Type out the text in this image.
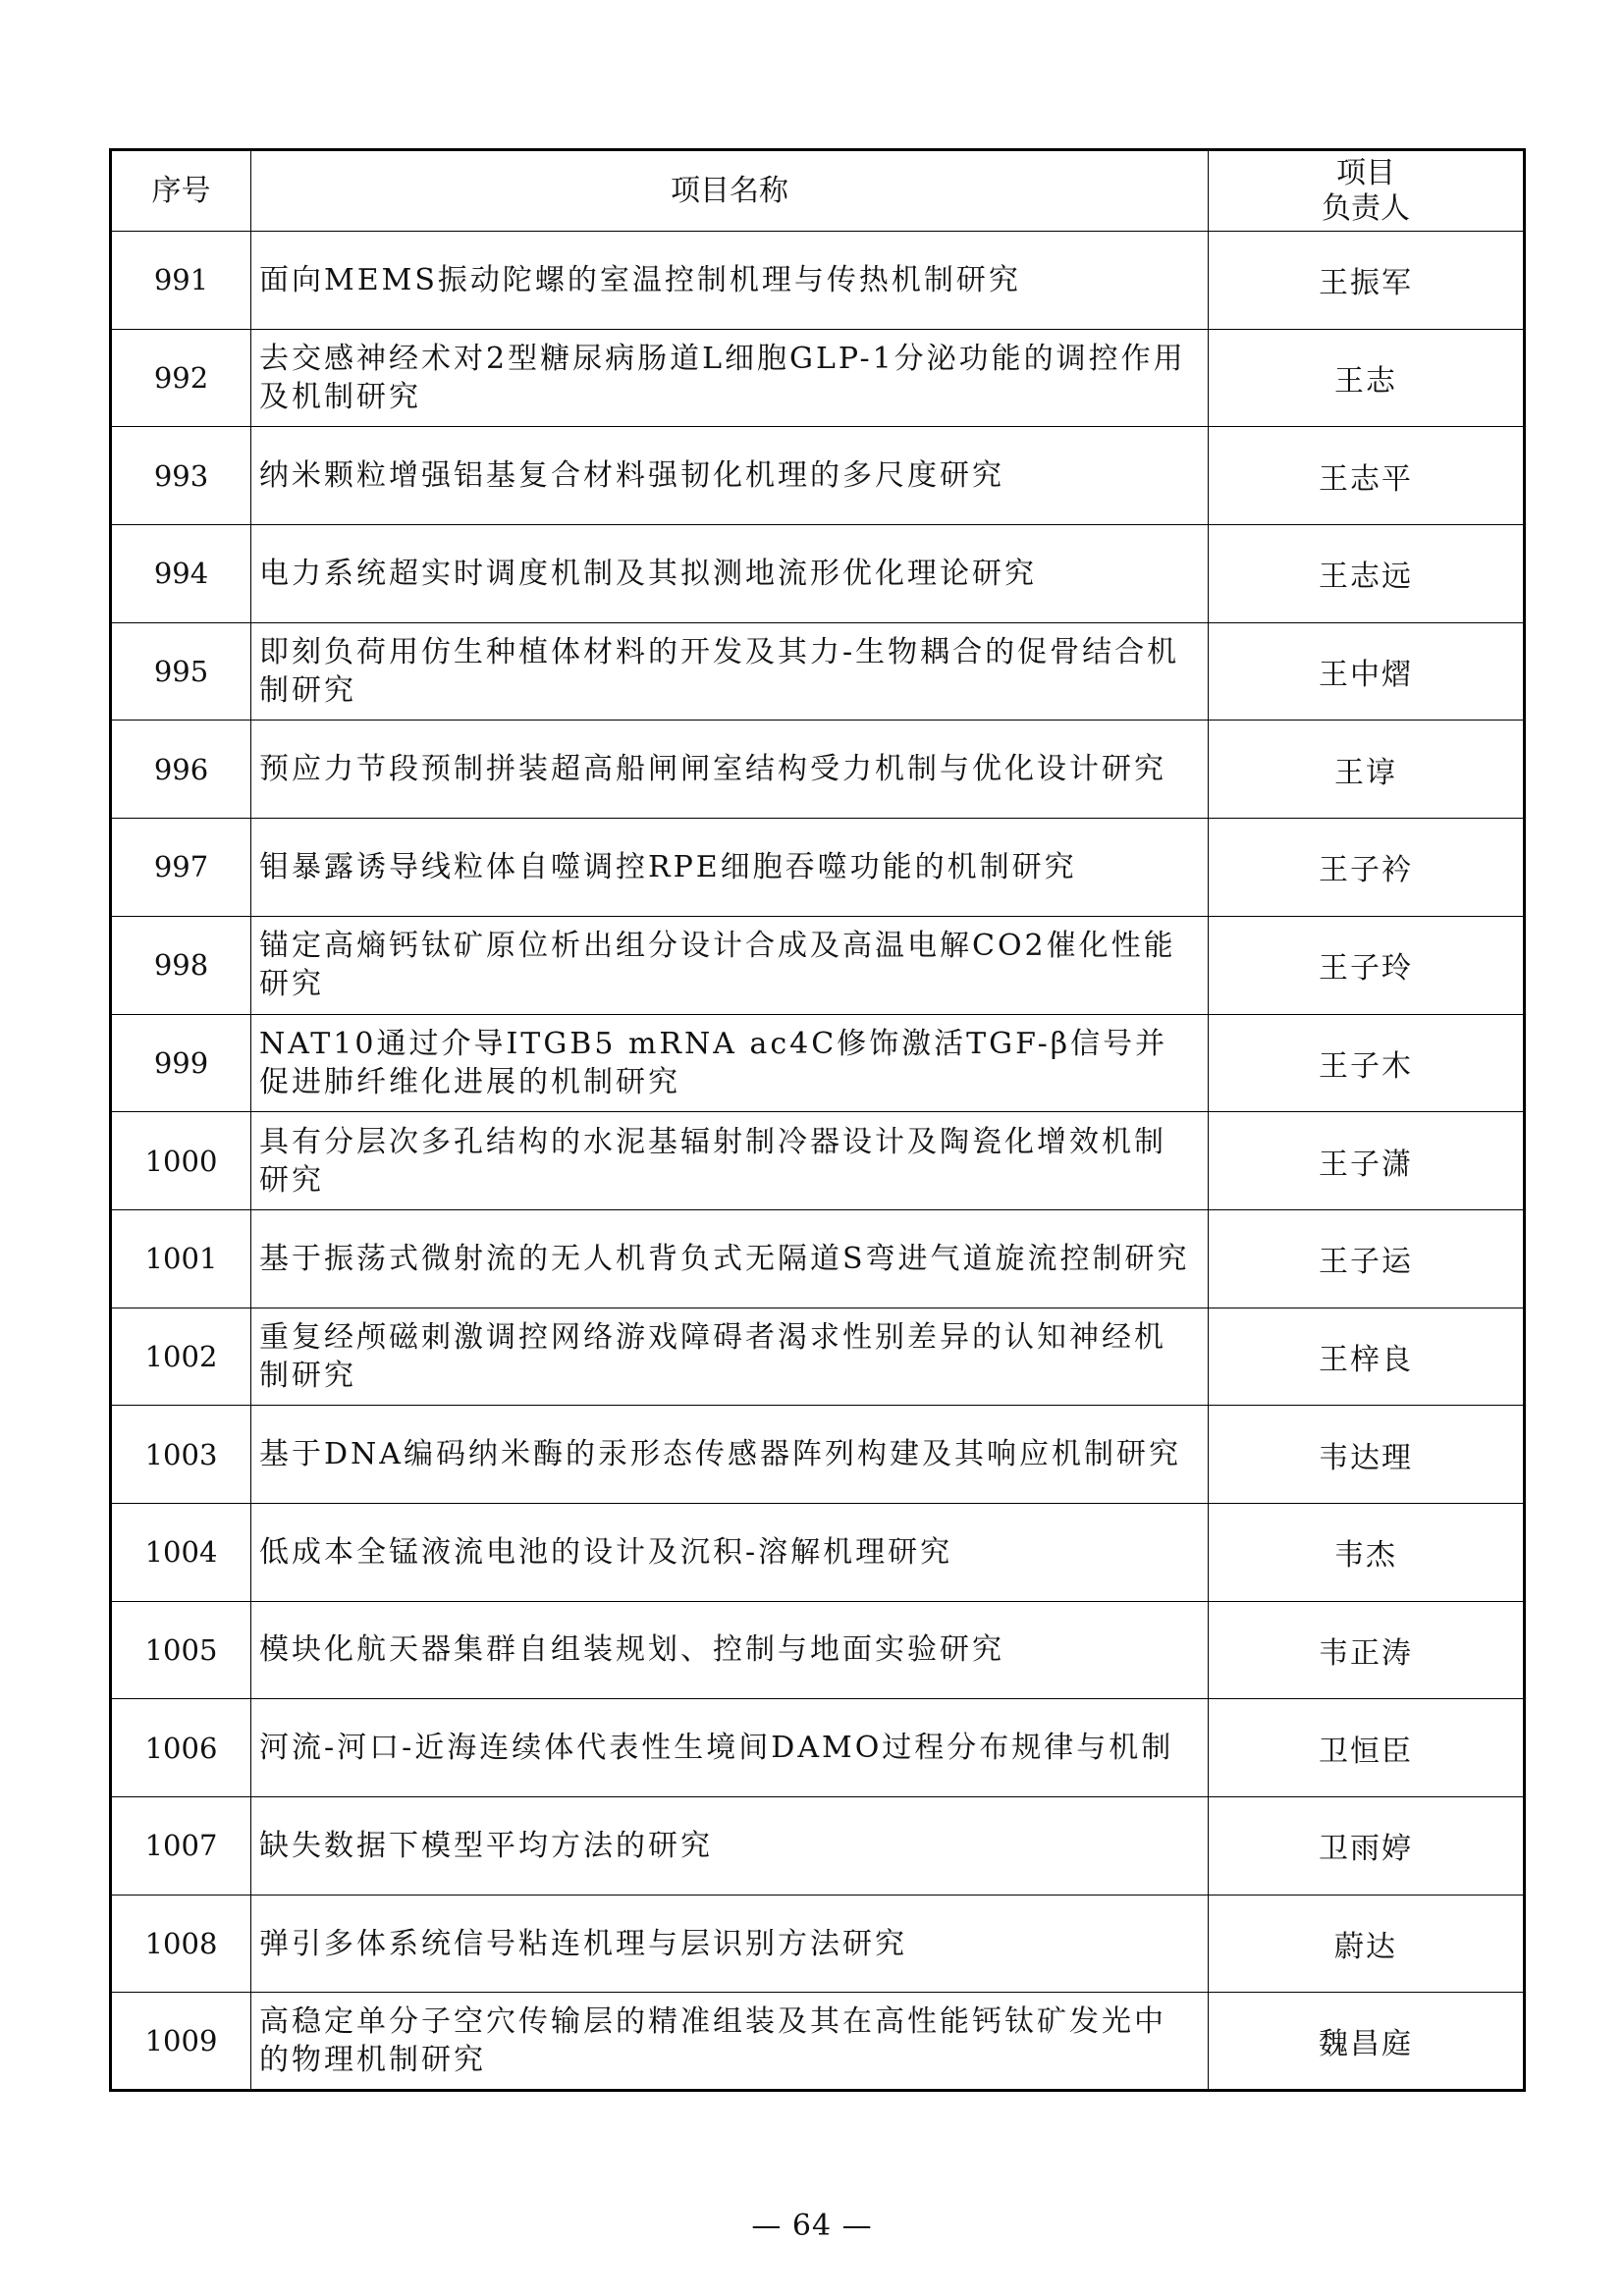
序号	项目名称	项目
负责人

991	面向MEMS振动陀螺的室温控制机理与传热机制研究	王振军
992	去交感神经术对2型糖尿病肠道L细胞GLP-1分泌功能的调控作用及机制研究	王志
993	纳米颗粒增强铝基复合材料强韧化机理的多尺度研究	王志平
994	电力系统超实时调度机制及其拟测地流形优化理论研究	王志远
995	即刻负荷用仿生种植体材料的开发及其力-生物耦合的促骨结合机制研究	王中熠
996	预应力节段预制拼装超高船闸闸室结构受力机制与优化设计研究	王谆
997	钼暴露诱导线粒体自噬调控RPE细胞吞噬功能的机制研究	王子衿
998	锚定高熵钙钛矿原位析出组分设计合成及高温电解CO2催化性能研究	王子玲
999	NAT10通过介导ITGB5 mRNA ac4C修饰激活TGF-β信号并促进肺纤维化进展的机制研究	王子木
1000	具有分层次多孔结构的水泥基辐射制冷器设计及陶瓷化增效机制研究	王子潇
1001	基于振荡式微射流的无人机背负式无隔道S弯进气道旋流控制研究	王子运
1002	重复经颅磁刺激调控网络游戏障碍者渴求性别差异的认知神经机制研究	王梓良
1003	基于DNA编码纳米酶的汞形态传感器阵列构建及其响应机制研究	韦达理
1004	低成本全锰液流电池的设计及沉积-溶解机理研究	韦杰
1005	模块化航天器集群自组装规划、控制与地面实验研究	韦正涛
1006	河流-河口-近海连续体代表性生境间DAMO过程分布规律与机制	卫恒臣
1007	缺失数据下模型平均方法的研究	卫雨婷
1008	弹引多体系统信号粘连机理与层识别方法研究	蔚达
1009	高稳定单分子空穴传输层的精准组装及其在高性能钙钛矿发光中的物理机制研究	魏昌庭
— 64 —
